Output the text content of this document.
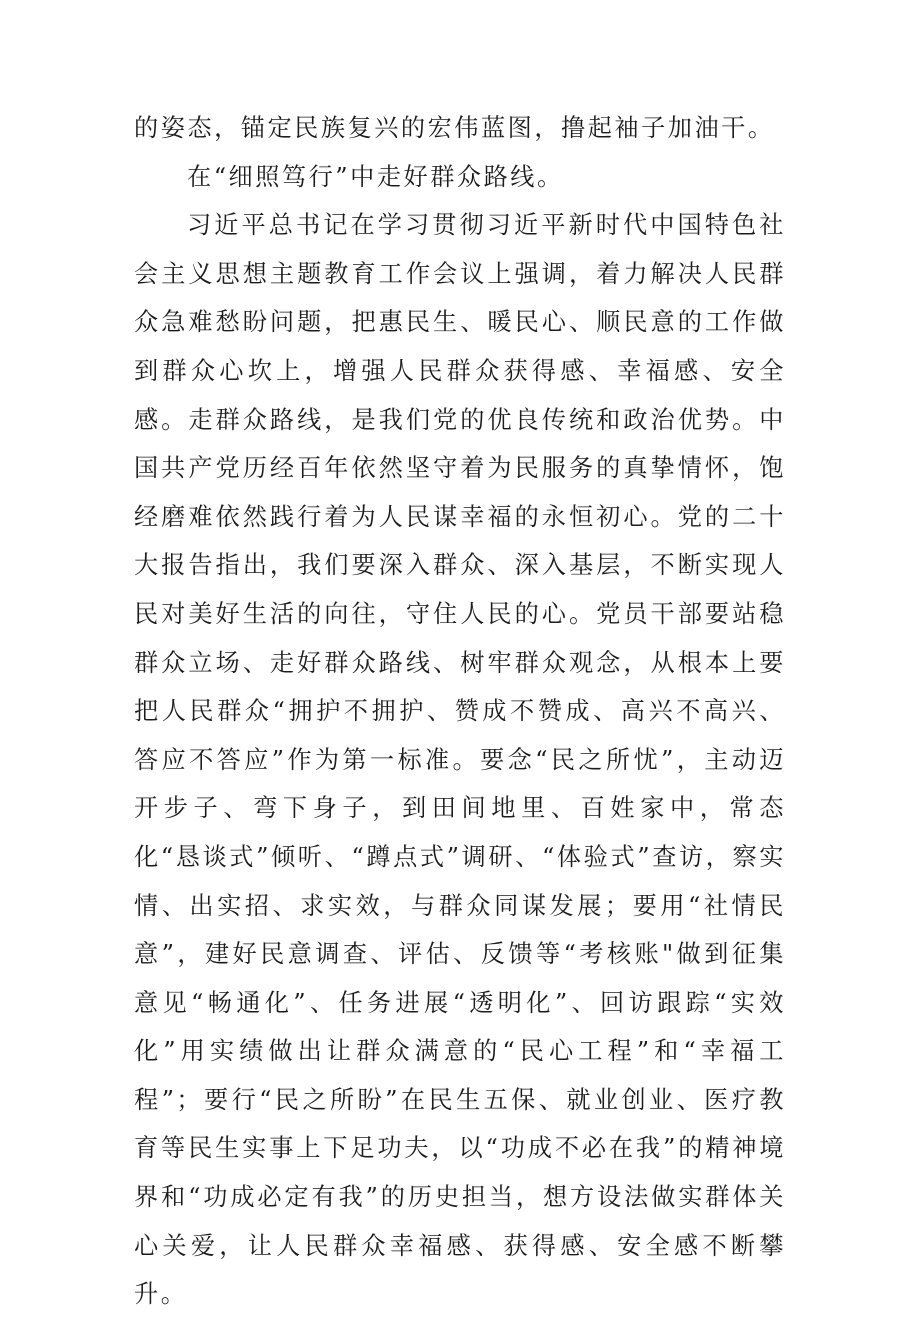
的姿态，锚定民族复兴的宏伟蓝图，撸起袖子加油干。

在“细照笃行”中走好群众路线。

习近平总书记在学习贯彻习近平新时代中国特色社会主义思想主题教育工作会议上强调，着力解决人民群众急难愁盼问题，把惠民生、暖民心、顺民意的工作做到群众心坎上，增强人民群众获得感、幸福感、安全感。走群众路线，是我们党的优良传统和政治优势。中国共产党历经百年依然坚守着为民服务的真挚情怀，饱经磨难依然践行着为人民谋幸福的永恒初心。党的二十大报告指出，我们要深入群众、深入基层，不断实现人民对美好生活的向往，守住人民的心。党员干部要站稳群众立场、走好群众路线、树牢群众观念，从根本上要把人民群众“拥护不拥护、赞成不赞成、高兴不高兴、答应不答应”作为第一标准。要念“民之所忧”，主动迈开步子、弯下身子，到田间地里、百姓家中，常态化“恳谈式”倾听、“蹲点式”调研、“体验式”查访，察实情、出实招、求实效，与群众同谋发展；要用“社情民意”，建好民意调查、评估、反馈等“考核账"做到征集意见“畅通化”、任务进展“透明化”、回访跟踪“实效化”用实绩做出让群众满意的“民心工程”和“幸福工程”；要行“民之所盼”在民生五保、就业创业、医疗教育等民生实事上下足功夫，以“功成不必在我”的精神境界和“功成必定有我”的历史担当，想方设法做实群体关心关爱，让人民群众幸福感、获得感、安全感不断攀升。
